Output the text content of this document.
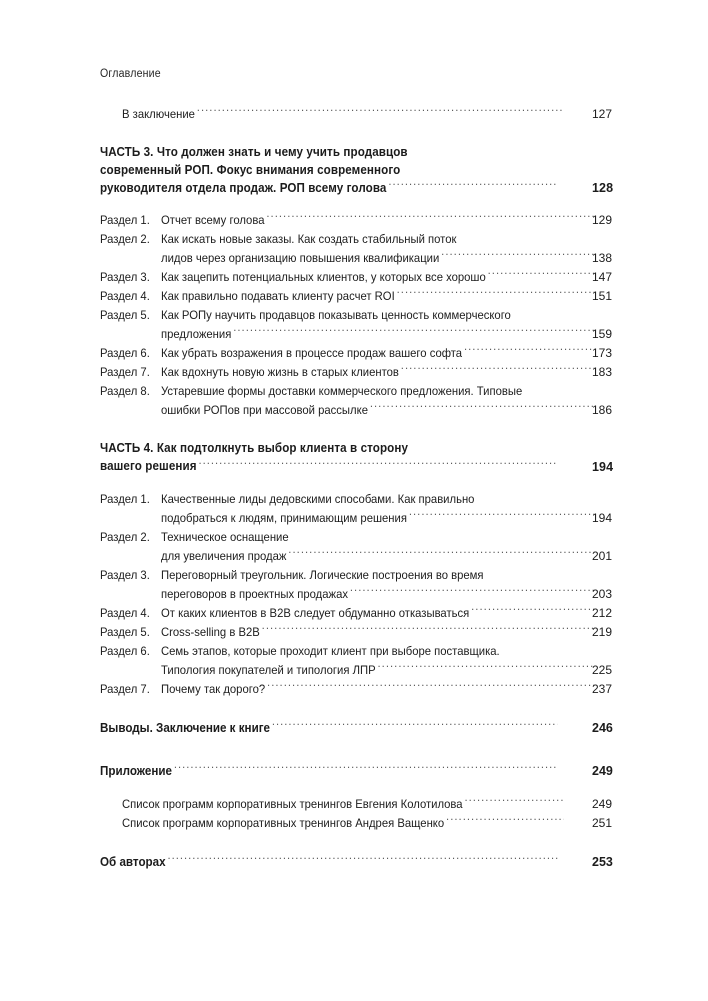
Оглавление
В заключение .....	127
ЧАСТЬ 3. Что должен знать и чему учить продавцов
современный РОП. Фокус внимания современного
руководителя отдела продаж. РОП всему голова .....	128
Раздел 1. Отчет всему голова .....	129
Раздел 2. Как искать новые заказы. Как создать стабильный поток
лидов через организацию повышения квалификации .....	138
Раздел 3. Как зацепить потенциальных клиентов, у которых все хорошо .....	147
Раздел 4. Как правильно подавать клиенту расчет ROI .....	151
Раздел 5. Как РОПу научить продавцов показывать ценность коммерческого
предложения .....	159
Раздел 6. Как убрать возражения в процессе продаж вашего софта .....	173
Раздел 7. Как вдохнуть новую жизнь в старых клиентов .....	183
Раздел 8. Устаревшие формы доставки коммерческого предложения. Типовые
ошибки РОПов при массовой рассылке .....	186
ЧАСТЬ 4. Как подтолкнуть выбор клиента в сторону
вашего решения .....	194
Раздел 1. Качественные лиды дедовскими способами. Как правильно
подобраться к людям, принимающим решения .....	194
Раздел 2. Техническое оснащение
для увеличения продаж .....	201
Раздел 3. Переговорный треугольник. Логические построения во время
переговоров в проектных продажах .....	203
Раздел 4. От каких клиентов в B2B следует обдуманно отказываться .....	212
Раздел 5. Cross-selling в B2B .....	219
Раздел 6. Семь этапов, которые проходит клиент при выборе поставщика.
Типология покупателей и типология ЛПР .....	225
Раздел 7. Почему так дорого? .....	237
Выводы. Заключение к книге .....	246
Приложение .....	249
Список программ корпоративных тренингов Евгения Колотилова .....	249
Список программ корпоративных тренингов Андрея Ващенко .....	251
Об авторах .....	253
